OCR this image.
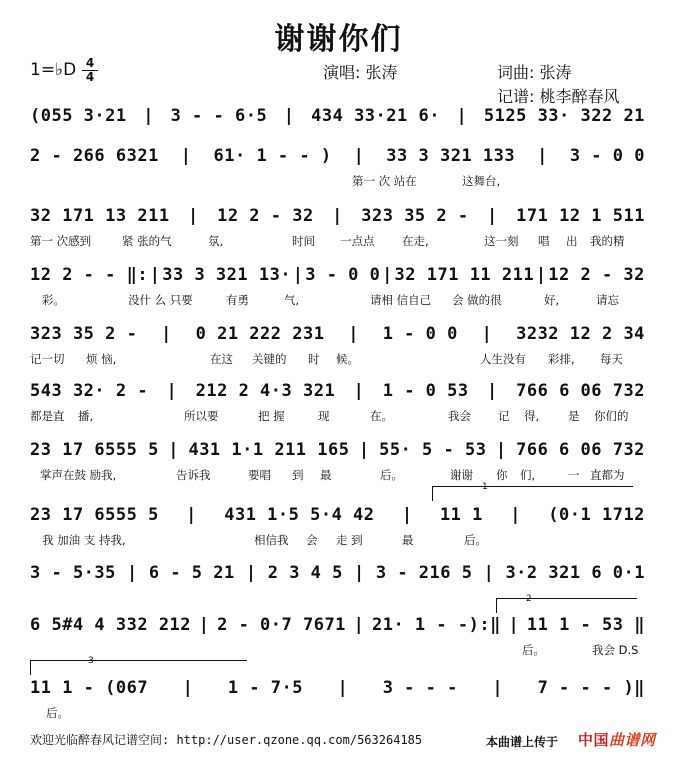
谢谢你们
1=♭D 4
4	演唱: 张涛	词曲: 张涛
记谱: 桃李醉春风
(055 3·21 | 3 - - 6·5 | 434 33·21 6· | 5125 33· 322 21
2 - 266 6321 | 61· 1 - - ) | 33 3 321 133 | 3 - 0 0
第一 次 站在	这舞台,
32 171 13 211 | 12 2 - 32 | 323 35 2 - | 171 12 1 511
第一 次感到	紧 张的气	氛,	时间 一点点 在走,	这一刻 唱 出 我的精
12 2 - - ‖: | 33 3 321 13· | 3 - 0 0 | 32 171 11 211 | 12 2 - 32
彩。	没什 么 只要	有勇	气,	请相 信自己 会 做的很	好,	请忘
323 35 2 - | 0 21 222 231 | 1 - 0 0 | 3232 12 2 34
记一切 烦 恼,	在这 关键的 时 候。	人生没有 彩排, 每天
543 32· 2 - | 212 2 4·3 321 | 1 - 0 53 | 766 6 06 732
都是直 播,	所以要	把 握	现	在。	我会 记 得,	是 你们的
23 17 6555 5 | 431 1·1 211 165 | 55· 5 - 53 | 766 6 06 732
掌声在鼓 励我,	告诉我	要唱 到 最	后。	谢谢 你 们,	一 直都为
23 17 6555 5 | 431 1·5 5·4 42 | 11 1 | (0·1 1712
我 加油 支 持我,	相信我 会 走 到	最	后。
3 - 5·35 | 6 - 5 21 | 2 3 4 5 | 3 - 216 5 | 3·2 321 6 0·1
6 5#4 4 332 212 | 2 - 0·7 7671 | 21· 1 - -):‖ | 11 1 - 53 ‖
后。	我会 D.S
11 1 - (067 | 1 - 7·5 | 3 - - - | 7 - - - )‖
后。
1
2
3
欢迎光临醉春风记谱空间: http://user.qzone.qq.com/563264185	本曲谱上传于 中国曲谱网
